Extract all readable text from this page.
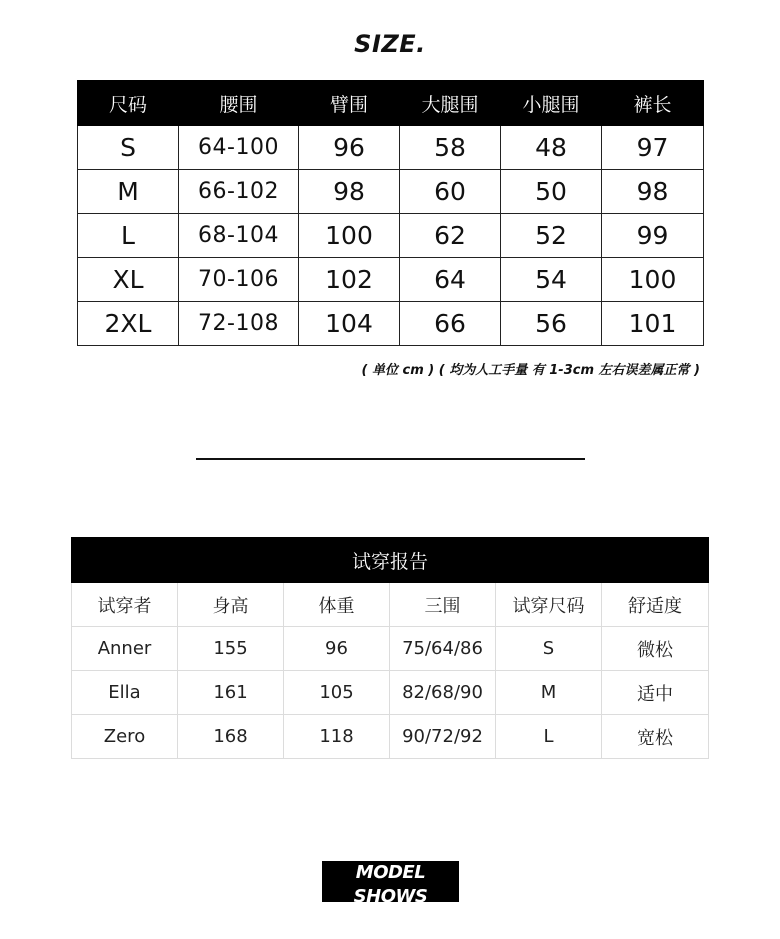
SIZE.
尺码	腰围	臂围	大腿围	小腿围	裤长
S	64-100	96	58	48	97
M	66-102	98	60	50	98
L	68-104	100	62	52	99
XL	70-106	102	64	54	100
2XL	72-108	104	66	56	101
( 单位 cm ) ( 均为人工手量 有 1-3cm 左右误差属正常 )
试穿报告					
试穿者	身高	体重	三围	试穿尺码	舒适度
Anner	155	96	75/64/86	S	微松
Ella	161	105	82/68/90	M	适中
Zero	168	118	90/72/92	L	宽松
MODEL SHOWS
